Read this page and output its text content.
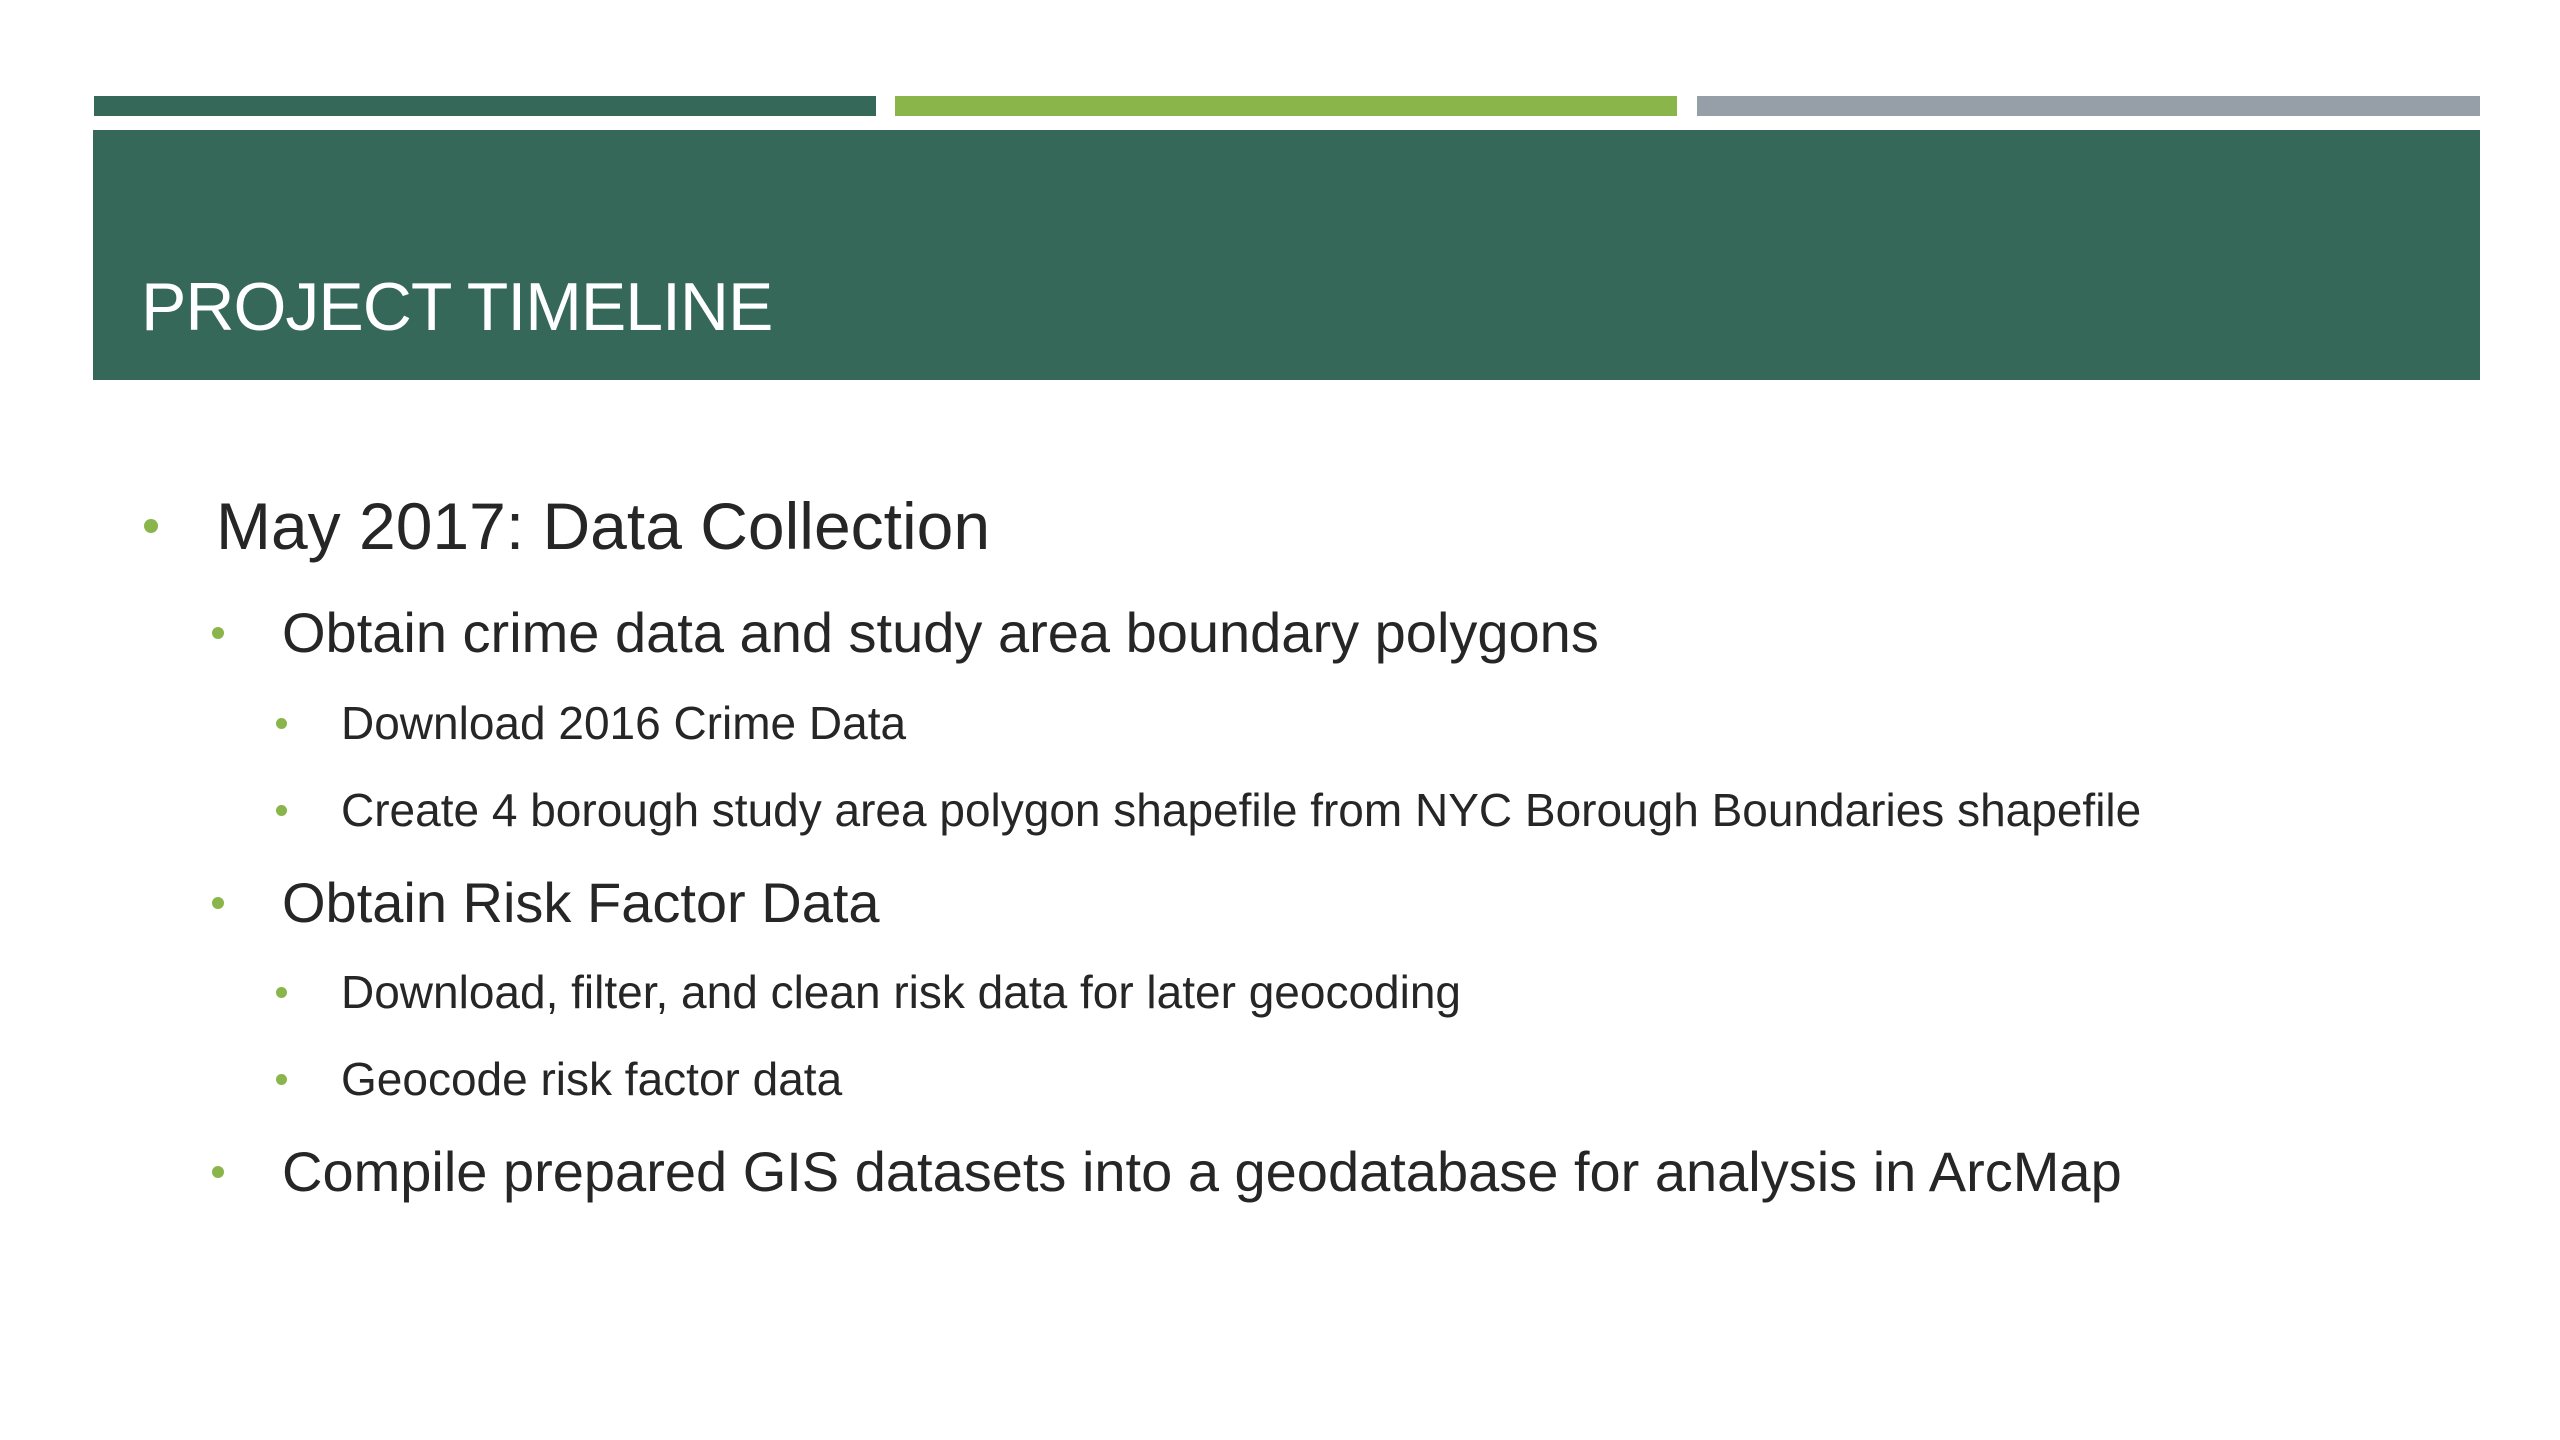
PROJECT TIMELINE
May 2017: Data Collection
Obtain crime data and study area boundary polygons
Download 2016 Crime Data
Create 4 borough study area polygon shapefile from NYC Borough Boundaries shapefile
Obtain Risk Factor Data
Download, filter, and clean risk data for later geocoding
Geocode risk factor data
Compile prepared GIS datasets into a geodatabase for analysis in ArcMap
